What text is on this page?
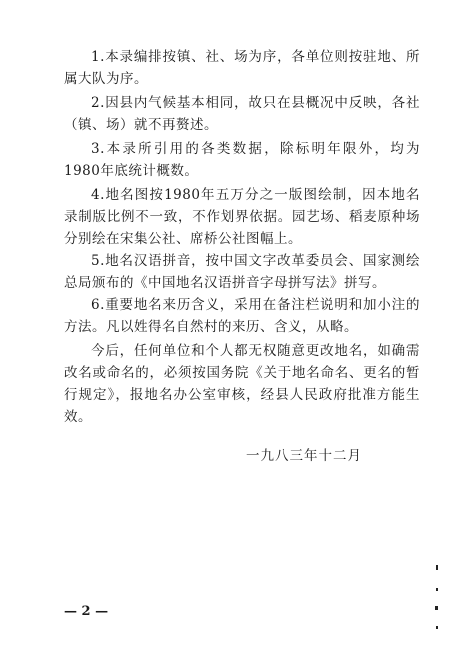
1.本录编排按镇、社、场为序，各单位则按驻地、所属大队为序。

2.因县内气候基本相同，故只在县概况中反映，各社（镇、场）就不再赘述。

3.本录所引用的各类数据，除标明年限外，均为1980年底统计概数。

4.地名图按1980年五万分之一版图绘制，因本地名录制版比例不一致，不作划界依据。园艺场、稻麦原种场分别绘在宋集公社、席桥公社图幅上。

5.地名汉语拼音，按中国文字改革委员会、国家测绘总局颁布的《中国地名汉语拼音字母拼写法》拼写。

6.重要地名来历含义，采用在备注栏说明和加小注的方法。凡以姓得名自然村的来历、含义，从略。

今后，任何单位和个人都无权随意更改地名，如确需改名或命名的，必须按国务院《关于地名命名、更名的暂行规定》，报地名办公室审核，经县人民政府批准方能生效。

一九八三年十二月
— 2 —
